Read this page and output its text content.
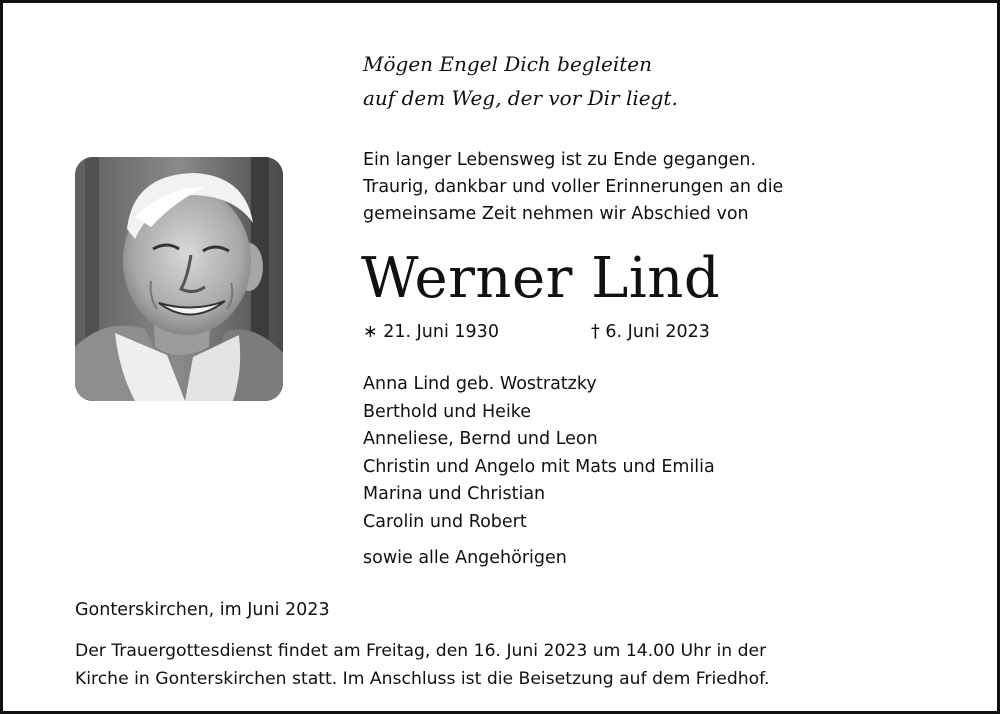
Mögen Engel Dich begleiten
auf dem Weg, der vor Dir liegt.
Ein langer Lebensweg ist zu Ende gegangen.
Traurig, dankbar und voller Erinnerungen an die
gemeinsame Zeit nehmen wir Abschied von
Werner Lind
∗ 21. Juni 1930	† 6. Juni 2023
Anna Lind geb. Wostratzky
Berthold und Heike
Anneliese, Bernd und Leon
Christin und Angelo mit Mats und Emilia
Marina und Christian
Carolin und Robert
sowie alle Angehörigen
Gonterskirchen, im Juni 2023
Der Trauergottesdienst findet am Freitag, den 16. Juni 2023 um 14.00 Uhr in der
Kirche in Gonterskirchen statt. Im Anschluss ist die Beisetzung auf dem Friedhof.
